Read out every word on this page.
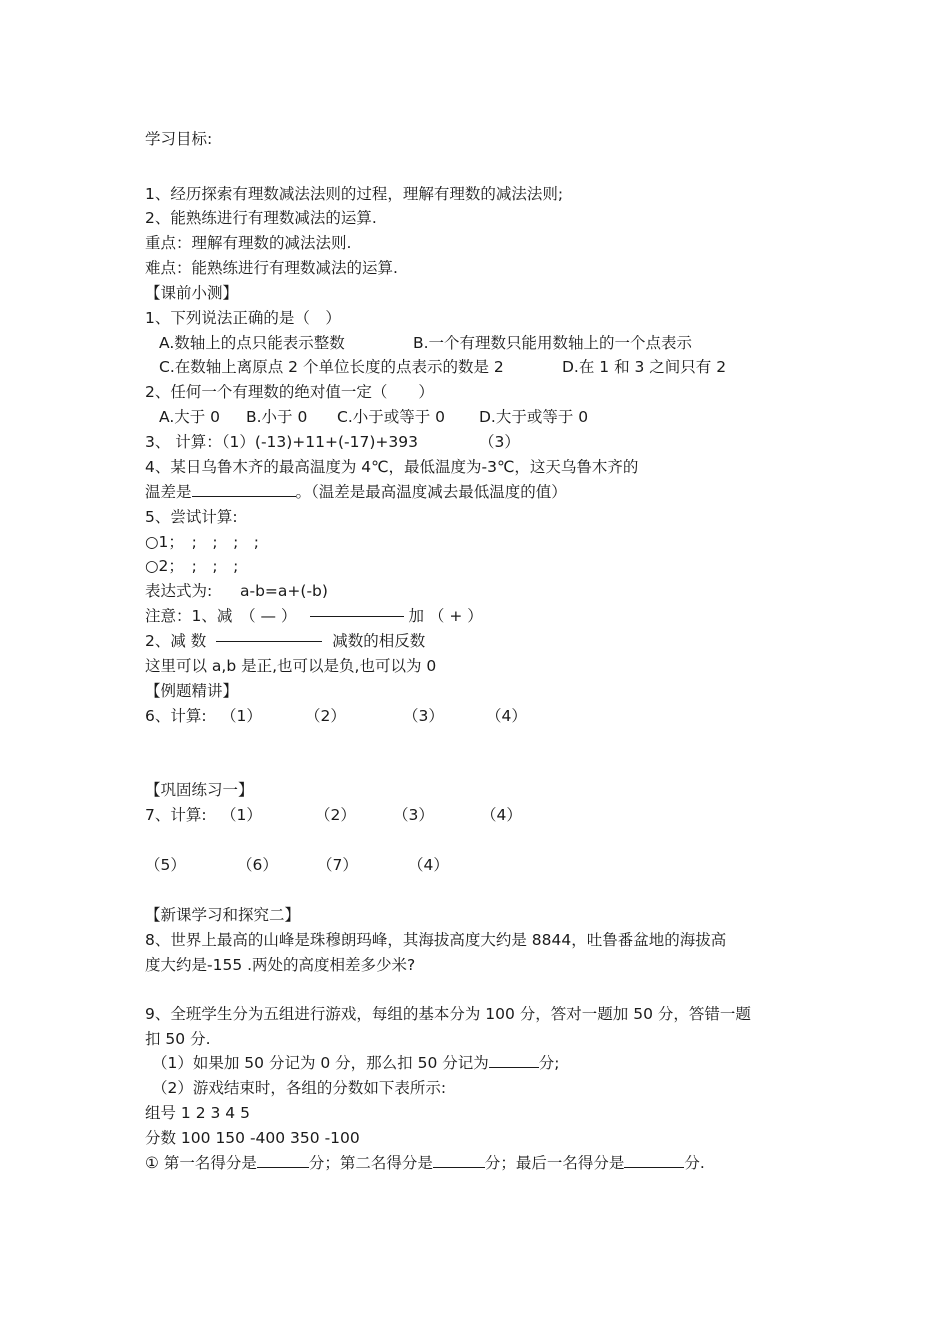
学习目标:
1、经历探索有理数减法法则的过程，理解有理数的减法法则;
2、能熟练进行有理数减法的运算.
重点：理解有理数的减法法则.
难点：能熟练进行有理数减法的运算.
【课前小测】
1、下列说法正确的是（　）
A.数轴上的点只能表示整数	B.一个有理数只能用数轴上的一个点表示
C.在数轴上离原点 2 个单位长度的点表示的数是 2	D.在 1 和 3 之间只有 2
2、任何一个有理数的绝对值一定（　　）
A.大于 0 B.小于 0 C.小于或等于 0 D.大于或等于 0
3、 计算：（1）(-13)+11+(-17)+393	（3）
4、某日乌鲁木齐的最高温度为 4℃，最低温度为-3℃，这天乌鲁木齐的
温差是	。（温差是最高温度减去最低温度的值）
5、尝试计算:
○1；　;　;　;　;
○2；　;　;　;
表达式为: a-b=a+(-b)
注意：1、减　（ — ）	加 （ + ）
2、减 数	减数的相反数
这里可以 a,b 是正,也可以是负,也可以为 0
【例题精讲】
6、计算: （1）	（2）	（3）	（4）
【巩固练习一】
7、计算: （1）	（2） （3）	（4）
（5）	（6）	（7）	（4）
【新课学习和探究二】
8、世界上最高的山峰是珠穆朗玛峰，其海拔高度大约是 8844，吐鲁番盆地的海拔高
度大约是-155 .两处的高度相差多少米?
9、全班学生分为五组进行游戏，每组的基本分为 100 分，答对一题加 50 分，答错一题
扣 50 分.
（1）如果加 50 分记为 0 分，那么扣 50 分记为	分;
（2）游戏结束时，各组的分数如下表所示:
组号 1 2 3 4 5
分数 100 150 -400 350 -100
① 第一名得分是	分；第二名得分是	分；最后一名得分是	分.
